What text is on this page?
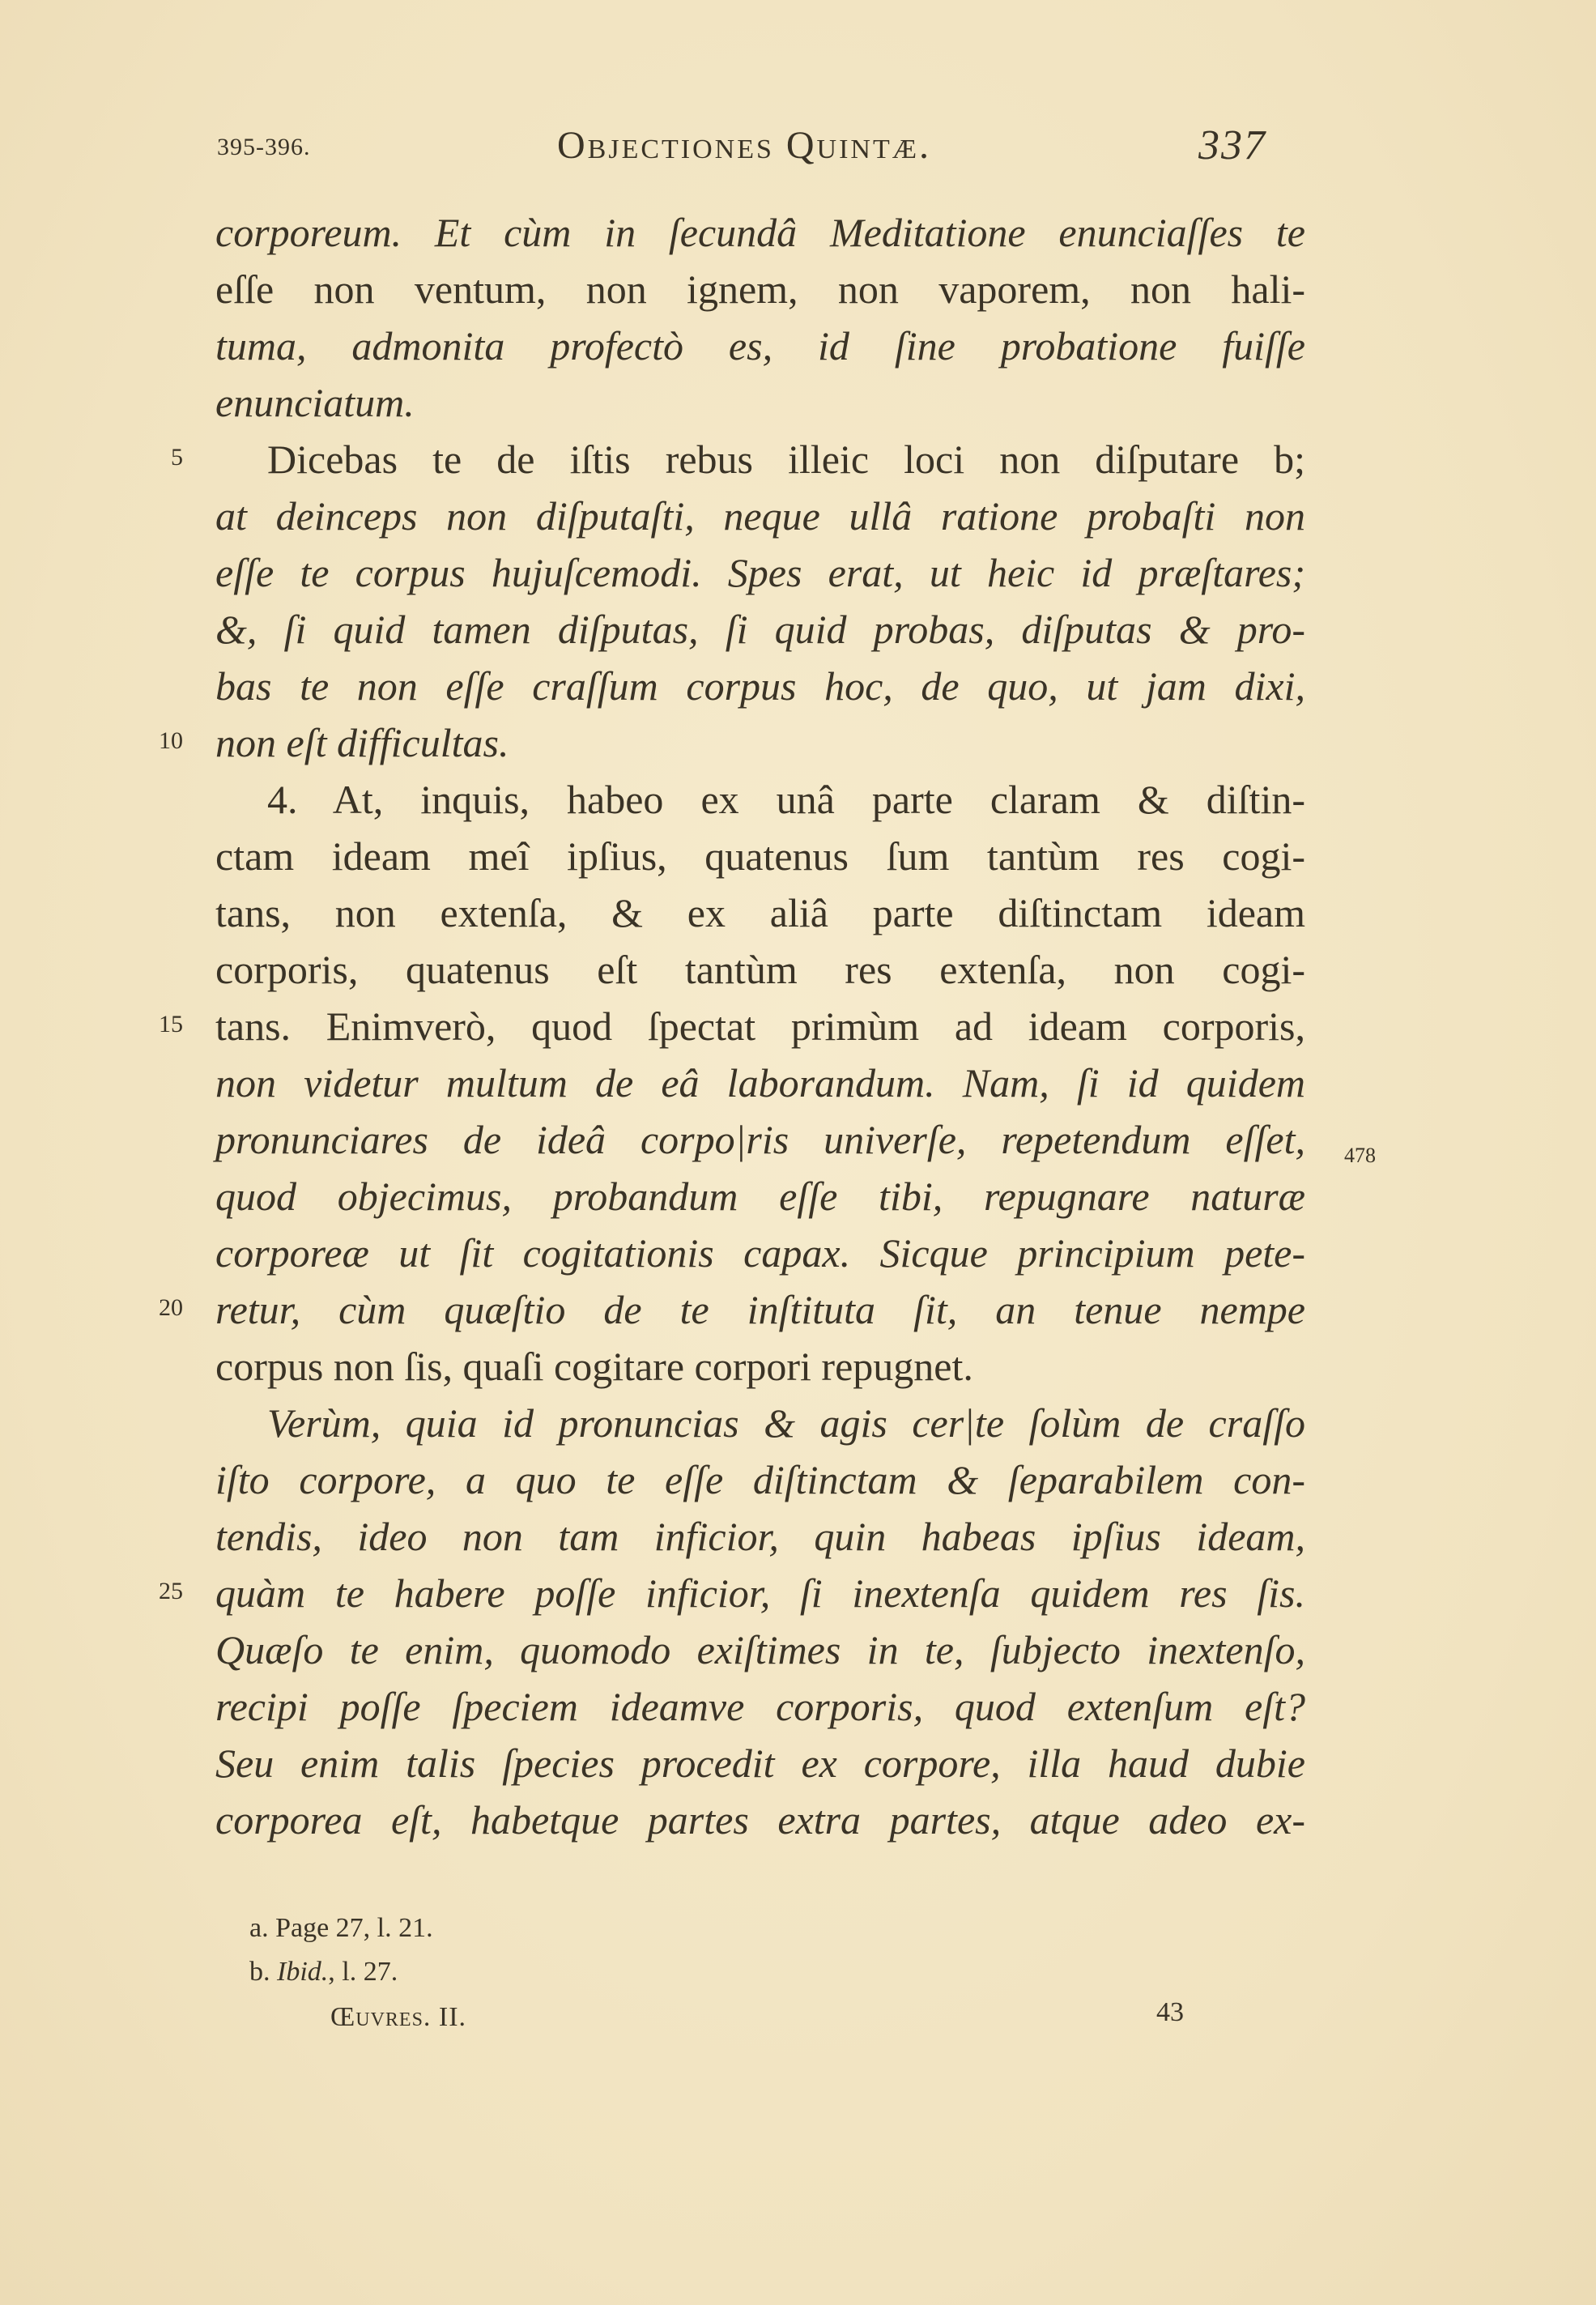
395-396.	Objectiones Quintæ.	337
5
10
15
20
25
478
corporeum. Et cùm in ſecundâ Meditatione enunciaſſes te
eſſe non ventum, non ignem, non vaporem, non hali-
tuma, admonita profectò es, id ſine probatione fuiſſe
enunciatum.
Dicebas te de iſtis rebus illeic loci non diſputare b;
at deinceps non diſputaſti, neque ullâ ratione probaſti non
eſſe te corpus hujuſcemodi. Spes erat, ut heic id præſtares;
&, ſi quid tamen diſputas, ſi quid probas, diſputas & pro-
bas te non eſſe craſſum corpus hoc, de quo, ut jam dixi,
non eſt difficultas.
4. At, inquis, habeo ex unâ parte claram & diſtin-
ctam ideam meî ipſius, quatenus ſum tantùm res cogi-
tans, non extenſa, & ex aliâ parte diſtinctam ideam
corporis, quatenus eſt tantùm res extenſa, non cogi-
tans. Enimverò, quod ſpectat primùm ad ideam corporis,
non videtur multum de eâ laborandum. Nam, ſi id quidem
pronunciares de ideâ corpo|ris univerſe, repetendum eſſet,
quod objecimus, probandum eſſe tibi, repugnare naturæ
corporeæ ut ſit cogitationis capax. Sicque principium pete-
retur, cùm quæſtio de te inſtituta ſit, an tenue nempe
corpus non ſis, quaſi cogitare corpori repugnet.
Verùm, quia id pronuncias & agis cer|te ſolùm de craſſo
iſto corpore, a quo te eſſe diſtinctam & ſeparabilem con-
tendis, ideo non tam inficior, quin habeas ipſius ideam,
quàm te habere poſſe inficior, ſi inextenſa quidem res ſis.
Quæſo te enim, quomodo exiſtimes in te, ſubjecto inextenſo,
recipi poſſe ſpeciem ideamve corporis, quod extenſum eſt?
Seu enim talis ſpecies procedit ex corpore, illa haud dubie
corporea eſt, habetque partes extra partes, atque adeo ex-
a. Page 27, l. 21.
b. Ibid., l. 27.
Œuvres. II.	43
